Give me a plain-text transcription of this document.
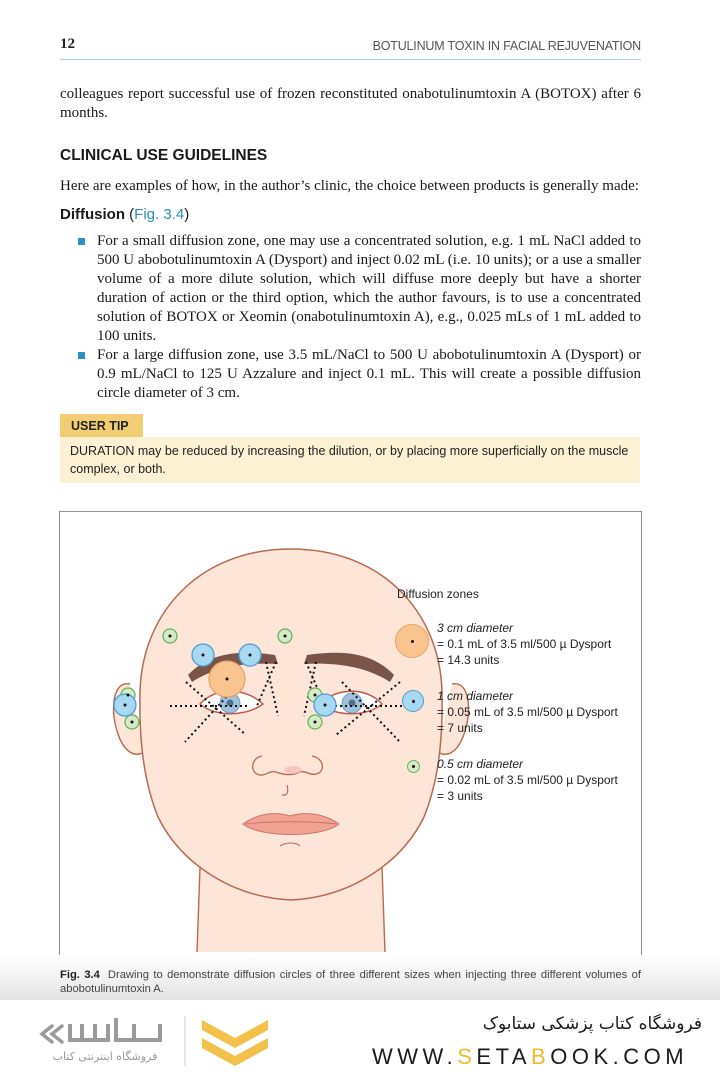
12	BOTULINUM TOXIN IN FACIAL REJUVENATION

colleagues report successful use of frozen reconstituted onabotulinumtoxin A (BOTOX) after 6 months.

CLINICAL USE GUIDELINES

Here are examples of how, in the author’s clinic, the choice between products is generally made:

Diffusion (Fig. 3.4)
For a small diffusion zone, one may use a concentrated solution, e.g. 1 mL NaCl added to 500 U abobotulinumtoxin A (Dysport) and inject 0.02 mL (i.e. 10 units); or a use a smaller volume of a more dilute solution, which will diffuse more deeply but have a shorter duration of action or the third option, which the author favours, is to use a concentrated solution of BOTOX or Xeomin (onabotulinumtoxin A), e.g., 0.025 mLs of 1 mL added to 100 units.
For a large diffusion zone, use 3.5 mL/NaCl to 500 U abobotulinumtoxin A (Dysport) or 0.9 mL/NaCl to 125 U Azzalure and inject 0.1 mL. This will create a possible diffusion circle diameter of 3 cm.
USER TIP
DURATION may be reduced by increasing the dilution, or by placing more superficially on the muscle complex, or both.
Diffusion zones
3 cm diameter
= 0.1 mL of 3.5 ml/500 µ Dysport
= 14.3 units
1 cm diameter
= 0.05 mL of 3.5 ml/500 µ Dysport
= 7 units
0.5 cm diameter
= 0.02 mL of 3.5 ml/500 µ Dysport
= 3 units
Fig. 3.4 Drawing to demonstrate diffusion circles of three different sizes when injecting three different volumes of abobotulinumtoxin A.
فروشگاه اینترنتی کتاب
فروشگاه کتاب پزشکی ستابوک
WWW.SETABOOK.COM
